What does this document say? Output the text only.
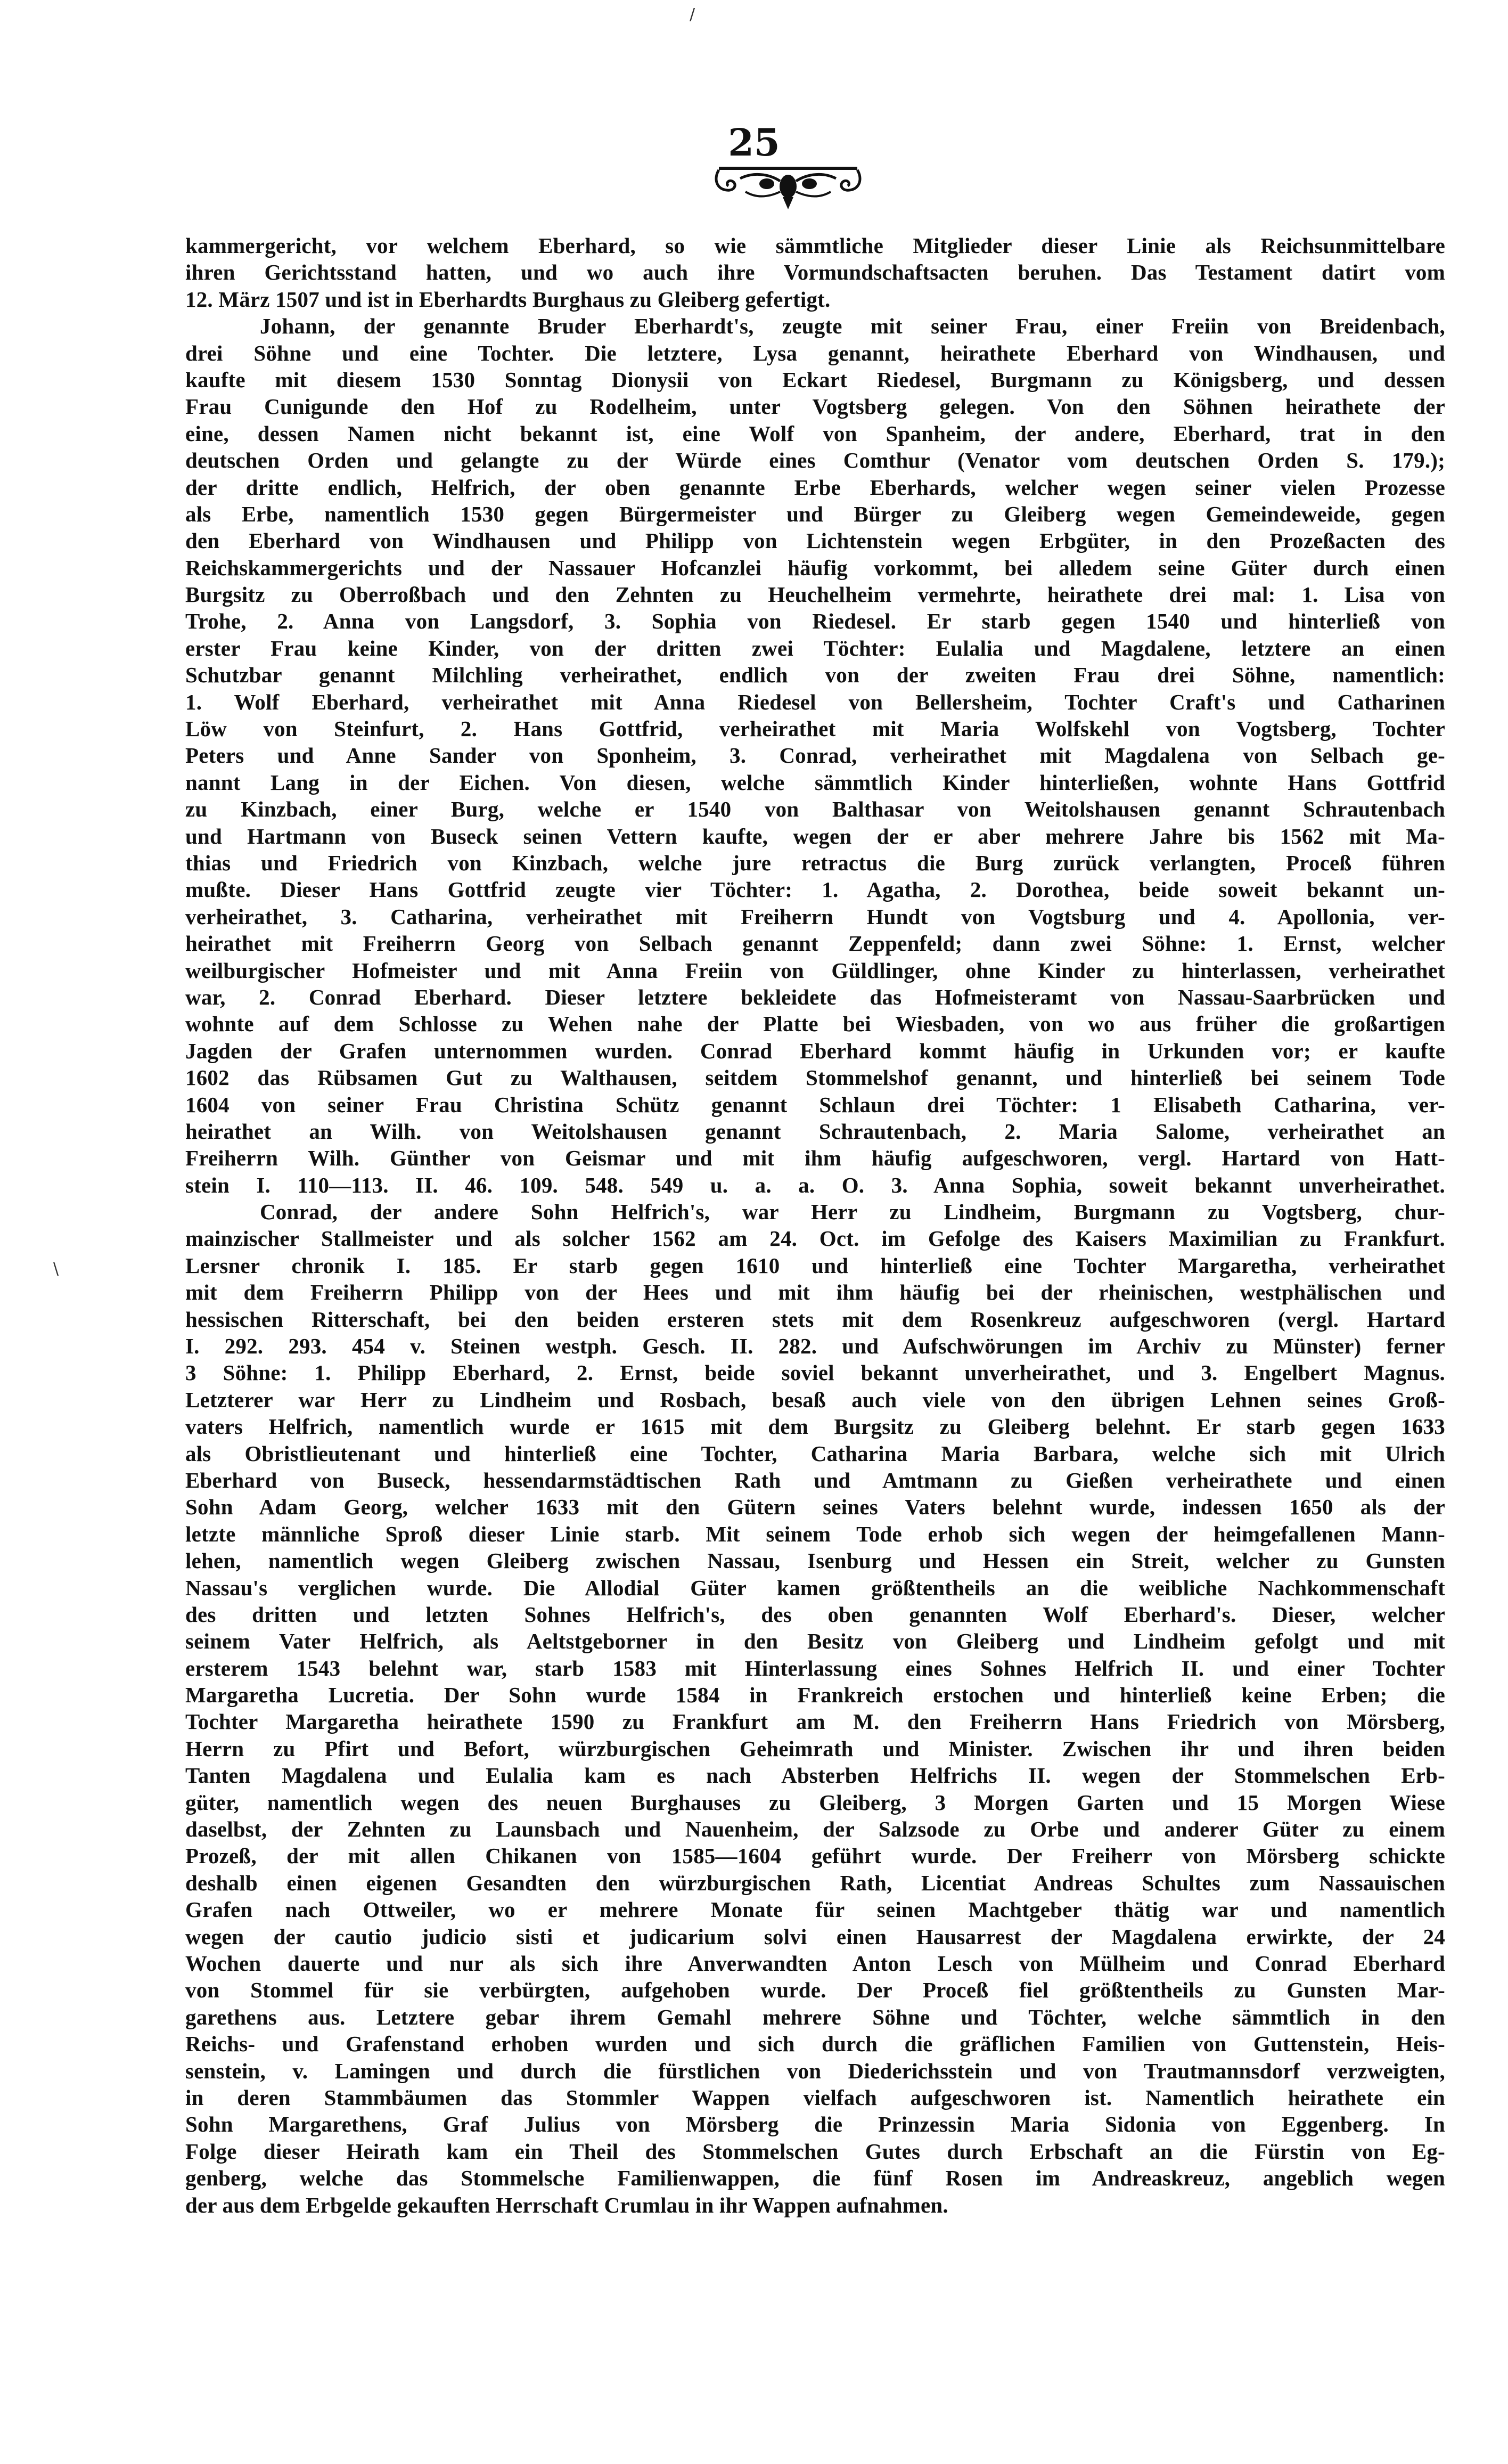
25
kammergericht, vor welchem Eberhard, so wie sämmtliche Mitglieder dieser Linie als Reichsunmittelbare
ihren Gerichtsstand hatten, und wo auch ihre Vormundschaftsacten beruhen. Das Testament datirt vom
12. März 1507 und ist in Eberhardts Burghaus zu Gleiberg gefertigt.
Johann, der genannte Bruder Eberhardt's, zeugte mit seiner Frau, einer Freiin von Breidenbach,
drei Söhne und eine Tochter. Die letztere, Lysa genannt, heirathete Eberhard von Windhausen, und
kaufte mit diesem 1530 Sonntag Dionysii von Eckart Riedesel, Burgmann zu Königsberg, und dessen
Frau Cunigunde den Hof zu Rodelheim, unter Vogtsberg gelegen. Von den Söhnen heirathete der
eine, dessen Namen nicht bekannt ist, eine Wolf von Spanheim, der andere, Eberhard, trat in den
deutschen Orden und gelangte zu der Würde eines Comthur (Venator vom deutschen Orden S. 179.);
der dritte endlich, Helfrich, der oben genannte Erbe Eberhards, welcher wegen seiner vielen Prozesse
als Erbe, namentlich 1530 gegen Bürgermeister und Bürger zu Gleiberg wegen Gemeindeweide, gegen
den Eberhard von Windhausen und Philipp von Lichtenstein wegen Erbgüter, in den Prozeßacten des
Reichskammergerichts und der Nassauer Hofcanzlei häufig vorkommt, bei alledem seine Güter durch einen
Burgsitz zu Oberroßbach und den Zehnten zu Heuchelheim vermehrte, heirathete drei mal: 1. Lisa von
Trohe, 2. Anna von Langsdorf, 3. Sophia von Riedesel. Er starb gegen 1540 und hinterließ von
erster Frau keine Kinder, von der dritten zwei Töchter: Eulalia und Magdalene, letztere an einen
Schutzbar genannt Milchling verheirathet, endlich von der zweiten Frau drei Söhne, namentlich:
1. Wolf Eberhard, verheirathet mit Anna Riedesel von Bellersheim, Tochter Craft's und Catharinen
Löw von Steinfurt, 2. Hans Gottfrid, verheirathet mit Maria Wolfskehl von Vogtsberg, Tochter
Peters und Anne Sander von Sponheim, 3. Conrad, verheirathet mit Magdalena von Selbach ge-
nannt Lang in der Eichen. Von diesen, welche sämmtlich Kinder hinterließen, wohnte Hans Gottfrid
zu Kinzbach, einer Burg, welche er 1540 von Balthasar von Weitolshausen genannt Schrautenbach
und Hartmann von Buseck seinen Vettern kaufte, wegen der er aber mehrere Jahre bis 1562 mit Ma-
thias und Friedrich von Kinzbach, welche jure retractus die Burg zurück verlangten, Proceß führen
mußte. Dieser Hans Gottfrid zeugte vier Töchter: 1. Agatha, 2. Dorothea, beide soweit bekannt un-
verheirathet, 3. Catharina, verheirathet mit Freiherrn Hundt von Vogtsburg und 4. Apollonia, ver-
heirathet mit Freiherrn Georg von Selbach genannt Zeppenfeld; dann zwei Söhne: 1. Ernst, welcher
weilburgischer Hofmeister und mit Anna Freiin von Güldlinger, ohne Kinder zu hinterlassen, verheirathet
war, 2. Conrad Eberhard. Dieser letztere bekleidete das Hofmeisteramt von Nassau-Saarbrücken und
wohnte auf dem Schlosse zu Wehen nahe der Platte bei Wiesbaden, von wo aus früher die großartigen
Jagden der Grafen unternommen wurden. Conrad Eberhard kommt häufig in Urkunden vor; er kaufte
1602 das Rübsamen Gut zu Walthausen, seitdem Stommelshof genannt, und hinterließ bei seinem Tode
1604 von seiner Frau Christina Schütz genannt Schlaun drei Töchter: 1 Elisabeth Catharina, ver-
heirathet an Wilh. von Weitolshausen genannt Schrautenbach, 2. Maria Salome, verheirathet an
Freiherrn Wilh. Günther von Geismar und mit ihm häufig aufgeschworen, vergl. Hartard von Hatt-
stein I. 110—113. II. 46. 109. 548. 549 u. a. a. O. 3. Anna Sophia, soweit bekannt unverheirathet.
Conrad, der andere Sohn Helfrich's, war Herr zu Lindheim, Burgmann zu Vogtsberg, chur-
mainzischer Stallmeister und als solcher 1562 am 24. Oct. im Gefolge des Kaisers Maximilian zu Frankfurt.
Lersner chronik I. 185. Er starb gegen 1610 und hinterließ eine Tochter Margaretha, verheirathet
mit dem Freiherrn Philipp von der Hees und mit ihm häufig bei der rheinischen, westphälischen und
hessischen Ritterschaft, bei den beiden ersteren stets mit dem Rosenkreuz aufgeschworen (vergl. Hartard
I. 292. 293. 454 v. Steinen westph. Gesch. II. 282. und Aufschwörungen im Archiv zu Münster) ferner
3 Söhne: 1. Philipp Eberhard, 2. Ernst, beide soviel bekannt unverheirathet, und 3. Engelbert Magnus.
Letzterer war Herr zu Lindheim und Rosbach, besaß auch viele von den übrigen Lehnen seines Groß-
vaters Helfrich, namentlich wurde er 1615 mit dem Burgsitz zu Gleiberg belehnt. Er starb gegen 1633
als Obristlieutenant und hinterließ eine Tochter, Catharina Maria Barbara, welche sich mit Ulrich
Eberhard von Buseck, hessendarmstädtischen Rath und Amtmann zu Gießen verheirathete und einen
Sohn Adam Georg, welcher 1633 mit den Gütern seines Vaters belehnt wurde, indessen 1650 als der
letzte männliche Sproß dieser Linie starb. Mit seinem Tode erhob sich wegen der heimgefallenen Mann-
lehen, namentlich wegen Gleiberg zwischen Nassau, Isenburg und Hessen ein Streit, welcher zu Gunsten
Nassau's verglichen wurde. Die Allodial Güter kamen größtentheils an die weibliche Nachkommenschaft
des dritten und letzten Sohnes Helfrich's, des oben genannten Wolf Eberhard's. Dieser, welcher
seinem Vater Helfrich, als Aeltstgeborner in den Besitz von Gleiberg und Lindheim gefolgt und mit
ersterem 1543 belehnt war, starb 1583 mit Hinterlassung eines Sohnes Helfrich II. und einer Tochter
Margaretha Lucretia. Der Sohn wurde 1584 in Frankreich erstochen und hinterließ keine Erben; die
Tochter Margaretha heirathete 1590 zu Frankfurt am M. den Freiherrn Hans Friedrich von Mörsberg,
Herrn zu Pfirt und Befort, würzburgischen Geheimrath und Minister. Zwischen ihr und ihren beiden
Tanten Magdalena und Eulalia kam es nach Absterben Helfrichs II. wegen der Stommelschen Erb-
güter, namentlich wegen des neuen Burghauses zu Gleiberg, 3 Morgen Garten und 15 Morgen Wiese
daselbst, der Zehnten zu Launsbach und Nauenheim, der Salzsode zu Orbe und anderer Güter zu einem
Prozeß, der mit allen Chikanen von 1585—1604 geführt wurde. Der Freiherr von Mörsberg schickte
deshalb einen eigenen Gesandten den würzburgischen Rath, Licentiat Andreas Schultes zum Nassauischen
Grafen nach Ottweiler, wo er mehrere Monate für seinen Machtgeber thätig war und namentlich
wegen der cautio judicio sisti et judicarium solvi einen Hausarrest der Magdalena erwirkte, der 24
Wochen dauerte und nur als sich ihre Anverwandten Anton Lesch von Mülheim und Conrad Eberhard
von Stommel für sie verbürgten, aufgehoben wurde. Der Proceß fiel größtentheils zu Gunsten Mar-
garethens aus. Letztere gebar ihrem Gemahl mehrere Söhne und Töchter, welche sämmtlich in den
Reichs- und Grafenstand erhoben wurden und sich durch die gräflichen Familien von Guttenstein, Heis-
senstein, v. Lamingen und durch die fürstlichen von Diederichsstein und von Trautmannsdorf verzweigten,
in deren Stammbäumen das Stommler Wappen vielfach aufgeschworen ist. Namentlich heirathete ein
Sohn Margarethens, Graf Julius von Mörsberg die Prinzessin Maria Sidonia von Eggenberg. In
Folge dieser Heirath kam ein Theil des Stommelschen Gutes durch Erbschaft an die Fürstin von Eg-
genberg, welche das Stommelsche Familienwappen, die fünf Rosen im Andreaskreuz, angeblich wegen
der aus dem Erbgelde gekauften Herrschaft Crumlau in ihr Wappen aufnahmen.
/
\
